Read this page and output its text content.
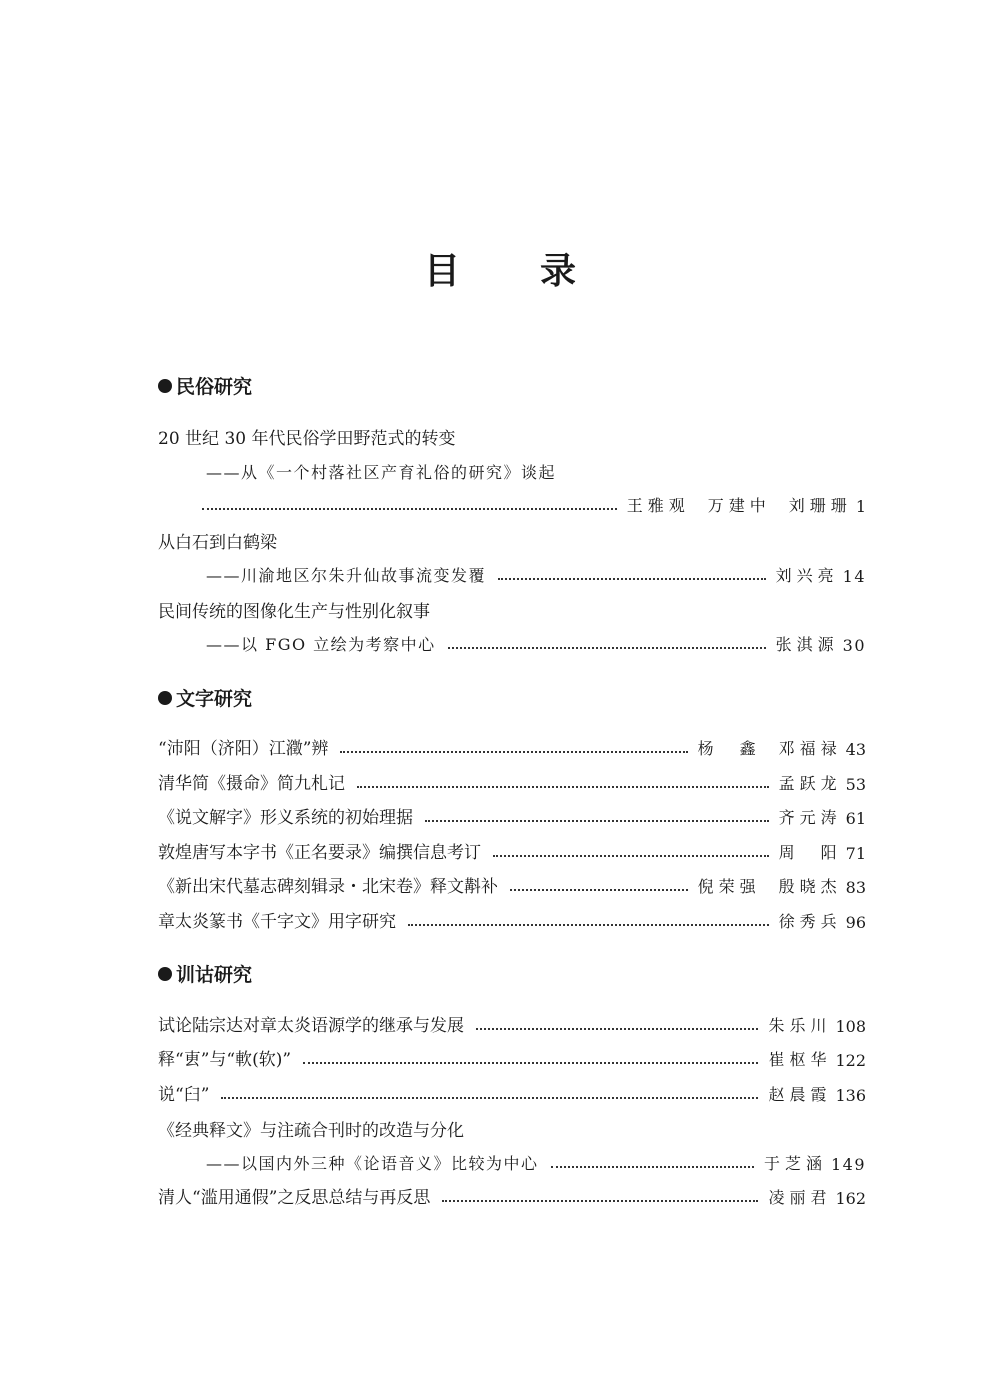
目 录
民俗研究
20 世纪 30 年代民俗学田野范式的转变
——从《一个村落社区产育礼俗的研究》谈起
王雅观 万建中 刘珊珊 1
从白石到白鹤梁
——川渝地区尔朱升仙故事流变发覆	刘兴亮 14
民间传统的图像化生产与性别化叙事
——以 FGO 立绘为考察中心	张淇源 30
文字研究
“沛阳（济阳）江瀓”辨	杨　鑫 邓福禄 43
清华简《摄命》简九札记	孟跃龙 53
《说文解字》形义系统的初始理据	齐元涛 61
敦煌唐写本字书《正名要录》编撰信息考订	周　阳 71
《新出宋代墓志碑刻辑录・北宋卷》释文斠补	倪荣强 殷晓杰 83
章太炎篆书《千字文》用字研究	徐秀兵 96
训诂研究
试论陆宗达对章太炎语源学的继承与发展	朱乐川 108
释“叀”与“軟(软)”	崔枢华 122
说“臼”	赵晨霞 136
《经典释文》与注疏合刊时的改造与分化
——以国内外三种《论语音义》比较为中心	于芝涵 149
清人“滥用通假”之反思总结与再反思	凌丽君 162
